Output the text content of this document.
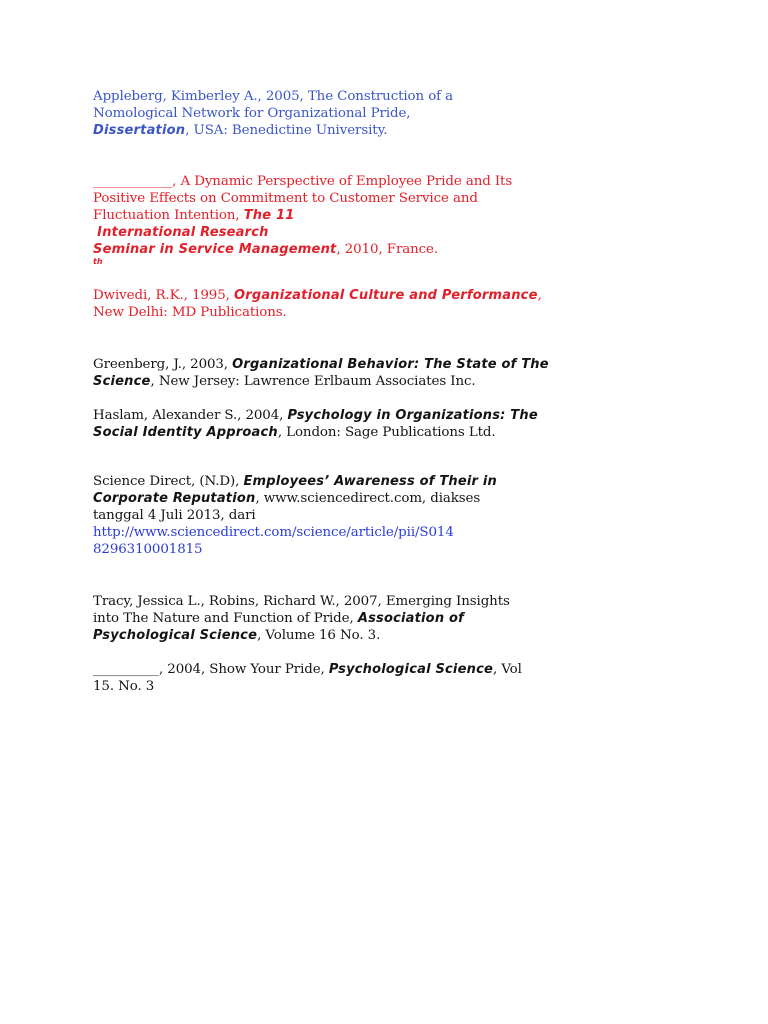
Appleberg, Kimberley A., 2005, The Construction of a
Nomological Network for Organizational Pride,
Dissertation, USA: Benedictine University.

____________, A Dynamic Perspective of Employee Pride and Its
Positive Effects on Commitment to Customer Service and
Fluctuation Intention, The 11
International Research
Seminar in Service Management, 2010, France.

th

Dwivedi, R.K., 1995, Organizational Culture and Performance,
New Delhi: MD Publications.

Greenberg, J., 2003, Organizational Behavior: The State of The
Science, New Jersey: Lawrence Erlbaum Associates Inc.

Haslam, Alexander S., 2004, Psychology in Organizations: The
Social Identity Approach, London: Sage Publications Ltd.

Science Direct, (N.D), Employees’ Awareness of Their in
Corporate Reputation, www.sciencedirect.com, diakses
tanggal 4 Juli 2013, dari
http://www.sciencedirect.com/science/article/pii/S014
8296310001815

Tracy, Jessica L., Robins, Richard W., 2007, Emerging Insights
into The Nature and Function of Pride, Association of
Psychological Science, Volume 16 No. 3.

__________, 2004, Show Your Pride, Psychological Science, Vol
15. No. 3
